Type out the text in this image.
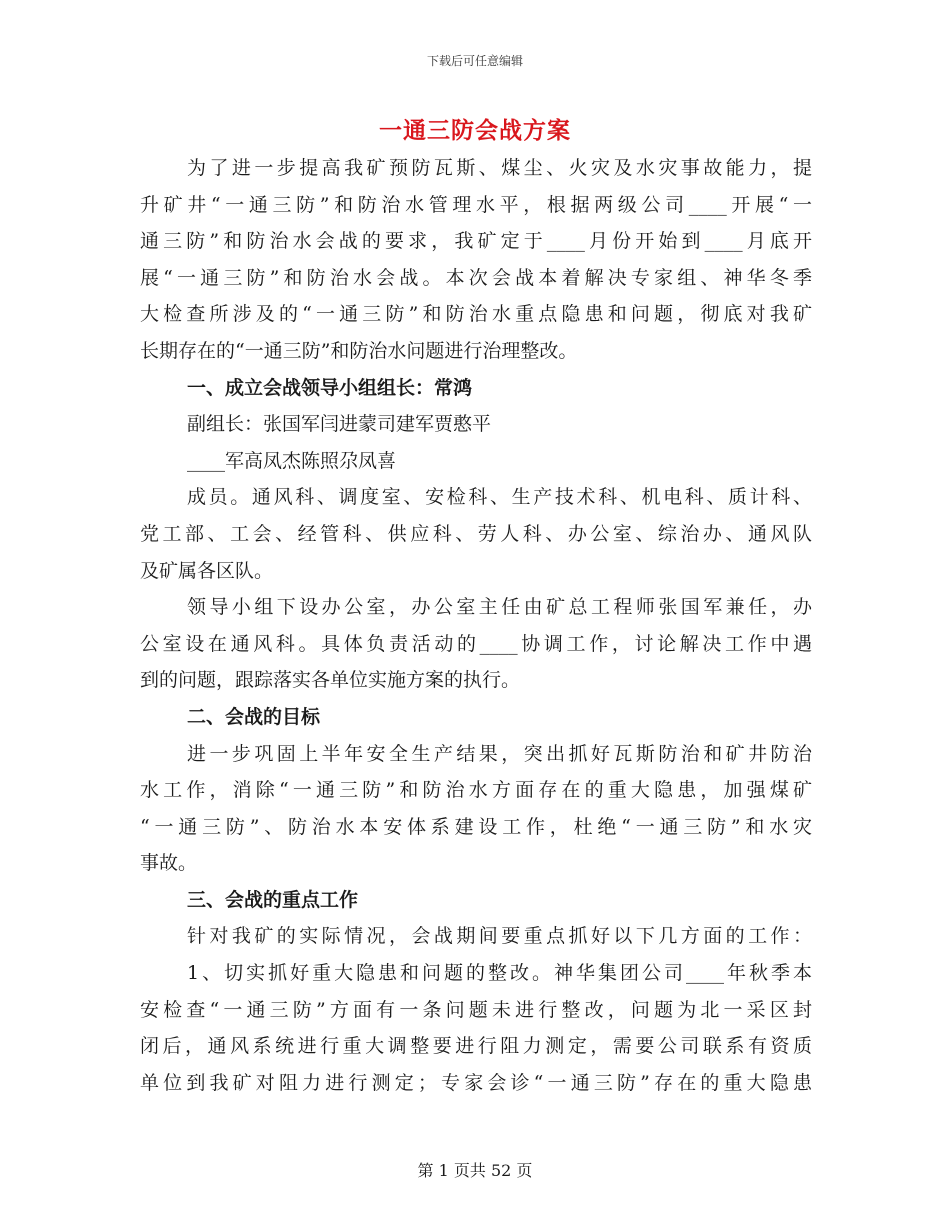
下载后可任意编辑
一通三防会战方案
为了进一步提高我矿预防瓦斯、煤尘、火灾及水灾事故能力，提
升矿井“一通三防”和防治水管理水平，根据两级公司____开展“一
通三防”和防治水会战的要求，我矿定于____月份开始到____月底开
展“一通三防”和防治水会战。本次会战本着解决专家组、神华冬季
大检查所涉及的“一通三防”和防治水重点隐患和问题，彻底对我矿
长期存在的“一通三防”和防治水问题进行治理整改。
一、成立会战领导小组组长：常鸿
副组长：张国军闫进蒙司建军贾憨平
____军高凤杰陈照尕凤喜
成员。通风科、调度室、安检科、生产技术科、机电科、质计科、
党工部、工会、经管科、供应科、劳人科、办公室、综治办、通风队
及矿属各区队。
领导小组下设办公室，办公室主任由矿总工程师张国军兼任，办
公室设在通风科。具体负责活动的____协调工作，讨论解决工作中遇
到的问题，跟踪落实各单位实施方案的执行。
二、会战的目标
进一步巩固上半年安全生产结果，突出抓好瓦斯防治和矿井防治
水工作，消除“一通三防”和防治水方面存在的重大隐患，加强煤矿
“一通三防”、防治水本安体系建设工作，杜绝“一通三防”和水灾
事故。
三、会战的重点工作
针对我矿的实际情况，会战期间要重点抓好以下几方面的工作：
1、切实抓好重大隐患和问题的整改。神华集团公司____年秋季本
安检查“一通三防”方面有一条问题未进行整改，问题为北一采区封
闭后，通风系统进行重大调整要进行阻力测定，需要公司联系有资质
单位到我矿对阻力进行测定；专家会诊“一通三防”存在的重大隐患
第 1 页共 52 页
